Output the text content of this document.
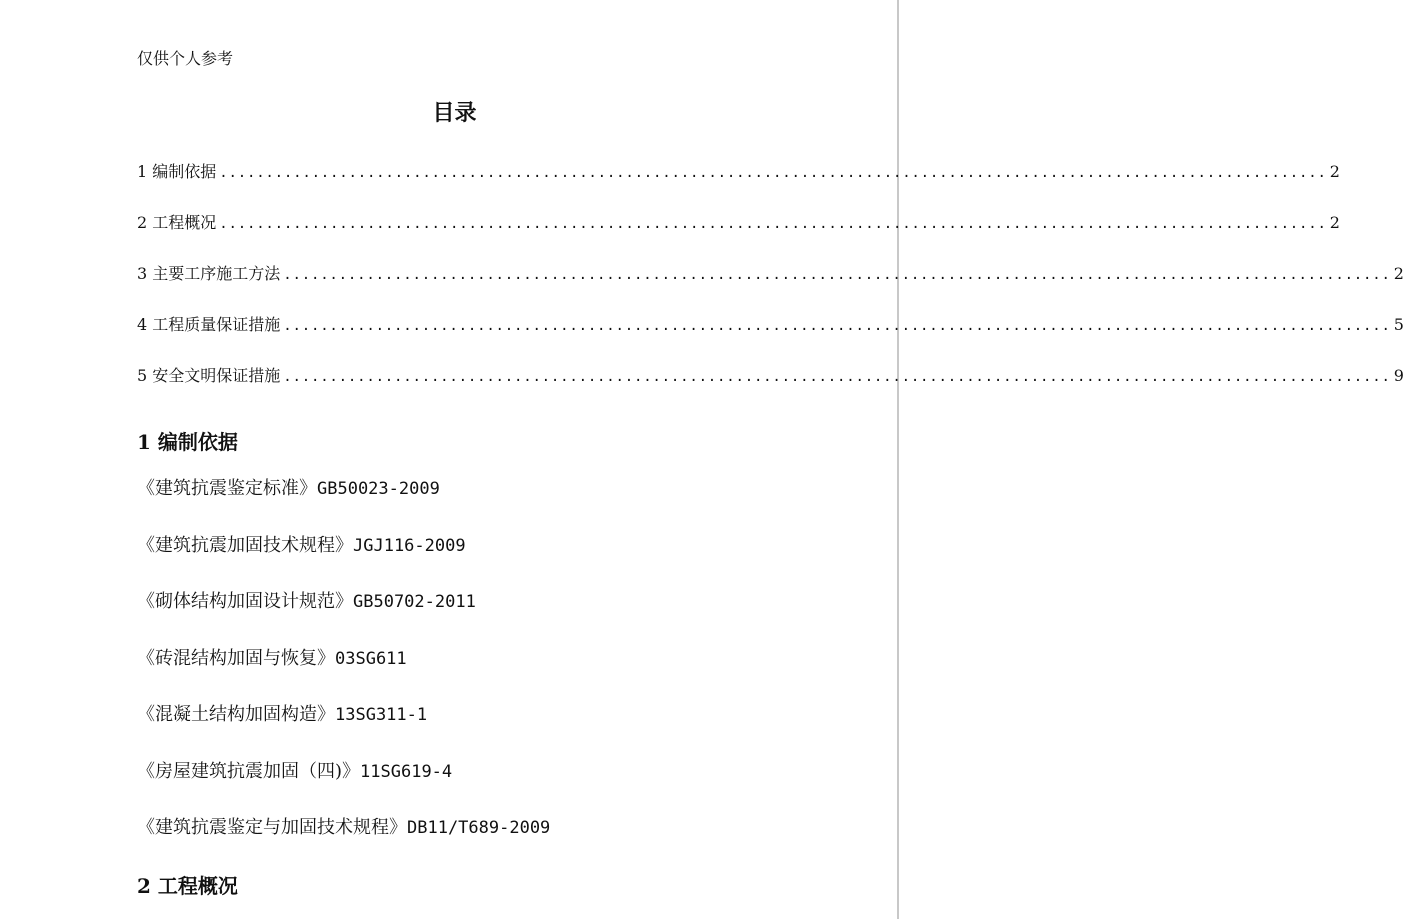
仅供个人参考
目录
1 编制依据 ........................................................................................................................ 2
2 工程概况 ........................................................................................................................ 2
3 主要工序施工方法 ........................................................................................................................ 2
4 工程质量保证措施 ........................................................................................................................ 5
5 安全文明保证措施 ........................................................................................................................ 9
1 编制依据
《建筑抗震鉴定标准》GB50023-2009
《建筑抗震加固技术规程》JGJ116-2009
《砌体结构加固设计规范》GB50702-2011
《砖混结构加固与恢复》03SG611
《混凝土结构加固构造》13SG311-1
《房屋建筑抗震加固（四)》11SG619-4
《建筑抗震鉴定与加固技术规程》DB11/T689-2009
2 工程概况
